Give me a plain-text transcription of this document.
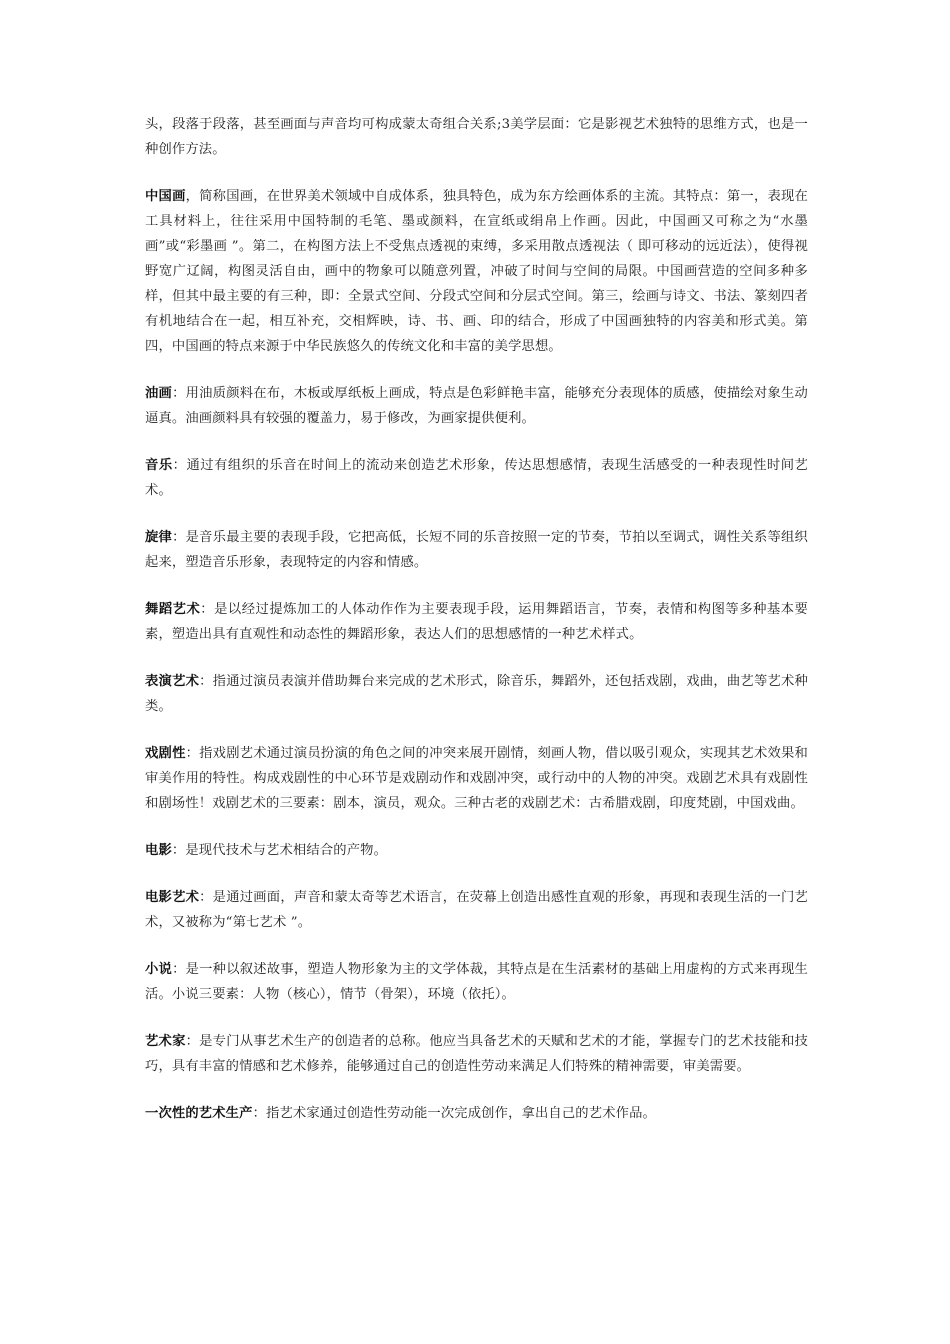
头，段落于段落，甚至画面与声音均可构成蒙太奇组合关系;3美学层面：它是影视艺术独特的思维方式，也是一种创作方法。

中国画，简称国画，在世界美术领域中自成体系，独具特色，成为东方绘画体系的主流。其特点：第一，表现在工具材料上，往往采用中国特制的毛笔、墨或颜料，在宣纸或绢帛上作画。因此，中国画又可称之为“水墨画”或“彩墨画 ”。第二，在构图方法上不受焦点透视的束缚，多采用散点透视法（ 即可移动的远近法），使得视野宽广辽阔，构图灵活自由，画中的物象可以随意列置，冲破了时间与空间的局限。中国画营造的空间多种多样，但其中最主要的有三种，即：全景式空间、分段式空间和分层式空间。第三，绘画与诗文、书法、篆刻四者有机地结合在一起，相互补充，交相辉映，诗、书、画、印的结合，形成了中国画独特的内容美和形式美。第四，中国画的特点来源于中华民族悠久的传统文化和丰富的美学思想。

油画：用油质颜料在布，木板或厚纸板上画成，特点是色彩鲜艳丰富，能够充分表现体的质感，使描绘对象生动逼真。油画颜料具有较强的覆盖力，易于修改，为画家提供便利。

音乐：通过有组织的乐音在时间上的流动来创造艺术形象，传达思想感情，表现生活感受的一种表现性时间艺术。

旋律：是音乐最主要的表现手段，它把高低，长短不同的乐音按照一定的节奏，节拍以至调式，调性关系等组织起来，塑造音乐形象，表现特定的内容和情感。

舞蹈艺术：是以经过提炼加工的人体动作作为主要表现手段，运用舞蹈语言，节奏，表情和构图等多种基本要素，塑造出具有直观性和动态性的舞蹈形象，表达人们的思想感情的一种艺术样式。

表演艺术：指通过演员表演并借助舞台来完成的艺术形式，除音乐，舞蹈外，还包括戏剧，戏曲，曲艺等艺术种类。

戏剧性：指戏剧艺术通过演员扮演的角色之间的冲突来展开剧情，刻画人物，借以吸引观众，实现其艺术效果和审美作用的特性。构成戏剧性的中心环节是戏剧动作和戏剧冲突，或行动中的人物的冲突。戏剧艺术具有戏剧性和剧场性！戏剧艺术的三要素：剧本，演员，观众。三种古老的戏剧艺术：古希腊戏剧，印度梵剧，中国戏曲。

电影：是现代技术与艺术相结合的产物。

电影艺术：是通过画面，声音和蒙太奇等艺术语言，在荧幕上创造出感性直观的形象，再现和表现生活的一门艺术，又被称为“第七艺术 ”。

小说：是一种以叙述故事，塑造人物形象为主的文学体裁，其特点是在生活素材的基础上用虚构的方式来再现生活。小说三要素：人物（核心），情节（骨架），环境（依托）。

艺术家：是专门从事艺术生产的创造者的总称。他应当具备艺术的天赋和艺术的才能，掌握专门的艺术技能和技巧，具有丰富的情感和艺术修养，能够通过自己的创造性劳动来满足人们特殊的精神需要，审美需要。

一次性的艺术生产：指艺术家通过创造性劳动能一次完成创作，拿出自己的艺术作品。
